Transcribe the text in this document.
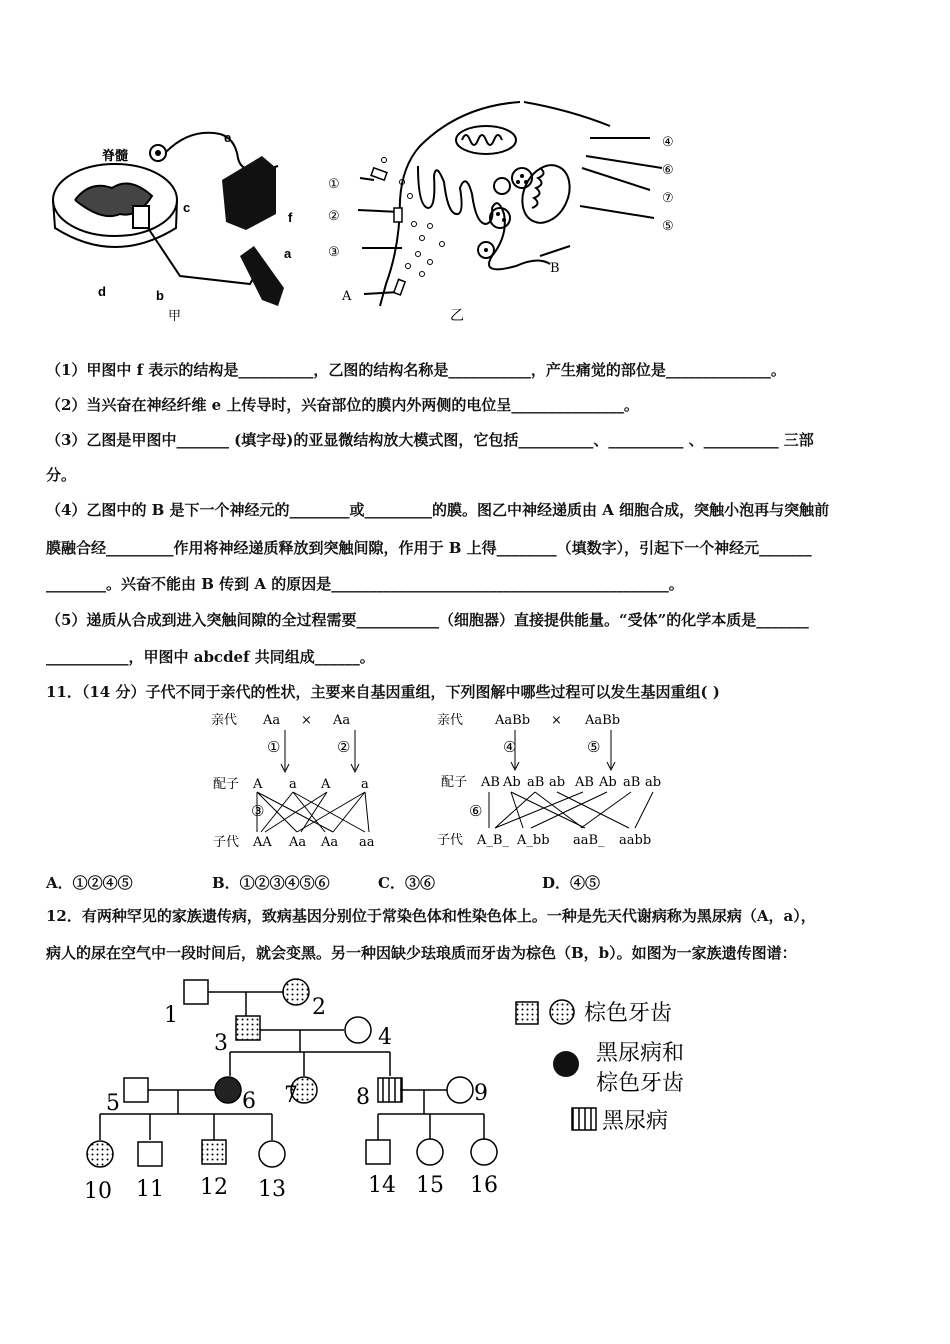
脊髓
e
c
f
a
d	b
甲
①
②
③
A
④
⑥
⑦
⑤
B
乙
（1）甲图中 f 表示的结构是__________，乙图的结构名称是___________，产生痛觉的部位是______________。
（2）当兴奋在神经纤维 e 上传导时，兴奋部位的膜内外两侧的电位呈_______________。
（3）乙图是甲图中_______ (填字母)的亚显微结构放大模式图，它包括__________、__________ 、__________ 三部
分。
（4）乙图中的 B 是下一个神经元的________或_________的膜。图乙中神经递质由 A 细胞合成，突触小泡再与突触前
膜融合经_________作用将神经递质释放到突触间隙，作用于 B 上得________（填数字），引起下一个神经元_______
________。兴奋不能由 B 传到 A 的原因是_____________________________________________。
（5）递质从合成到进入突触间隙的全过程需要___________（细胞器）直接提供能量。“受体”的化学本质是_______
___________，甲图中 abcdef 共同组成______。
11．（14 分）子代不同于亲代的性状，主要来自基因重组，下列图解中哪些过程可以发生基因重组( )
亲代 Aa × Aa
①	②
配子 A a A a
③
子代 AA Aa Aa aa
亲代 AaBb × AaBb
④	⑤
配子 AB Ab aB ab AB Ab aB ab
⑥
子代 A_B_ A_bb aaB_ aabb
A．①②④⑤	B．①②③④⑤⑥	C．③⑥	D．④⑤
12．有两种罕见的家族遗传病，致病基因分别位于常染色体和性染色体上。一种是先天代谢病称为黑尿病（A，a），
病人的尿在空气中一段时间后，就会变黑。另一种因缺少珐琅质而牙齿为棕色（B，b）。如图为一家族遗传图谱：
1	2
3	4
5	6 7	8	9
10 11 12 13	14 15 16
棕色牙齿
黑尿病和
棕色牙齿
黑尿病
